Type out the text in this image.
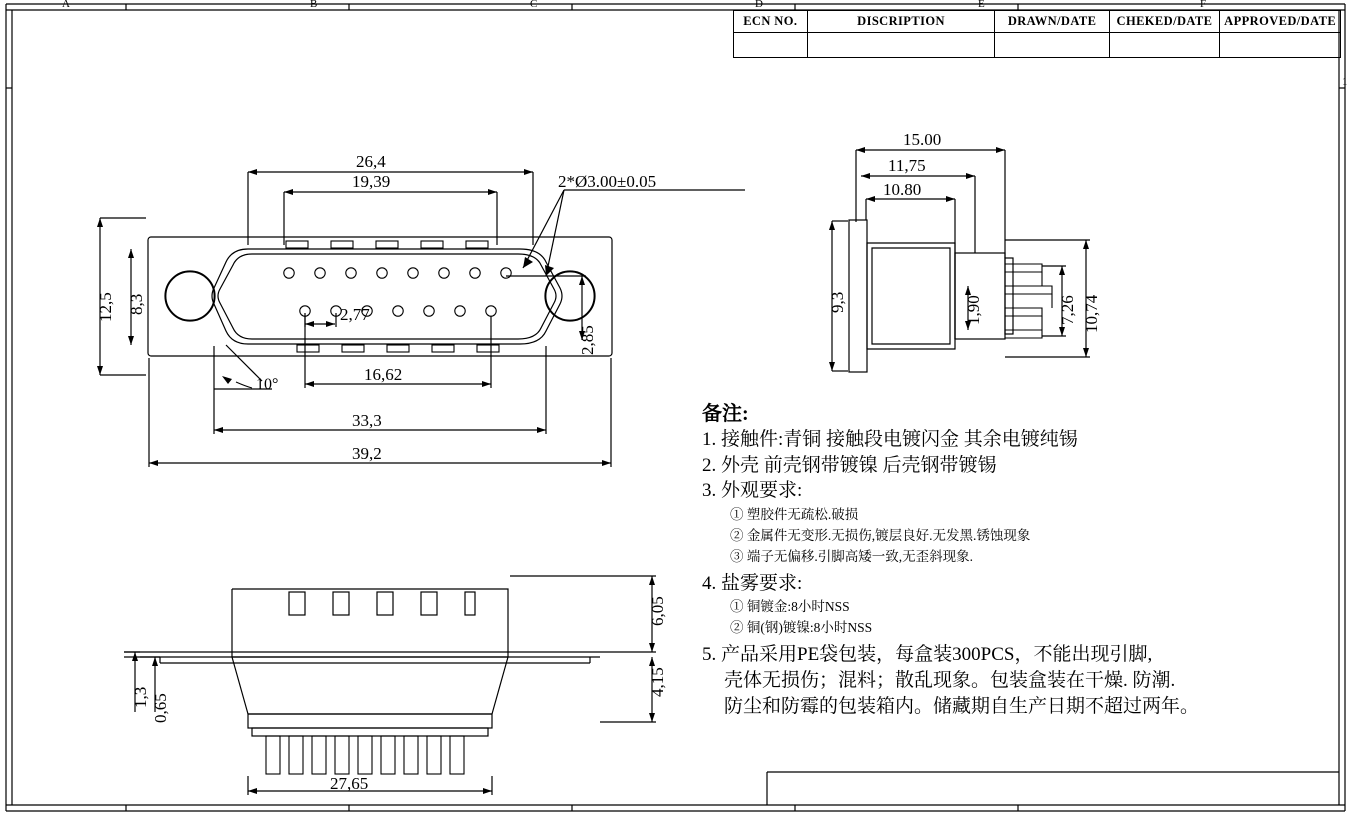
A	B	C	D	E	F
1
ECN NO.	DISCRIPTION	DRAWN/DATE	CHEKED/DATE	APPROVED/DATE

26,4
19,39	2*Ø3.00±0.05
12,5 8,3	2,77
2,85
16,62
33,3
39,2
10°
15.00
11,75
10.80
9,3	1,90	7,26 10,74
6,05
4,15
1,3 0,65
27,65
备注:
1. 接触件:青铜 接触段电镀闪金 其余电镀纯锡
2. 外壳 前壳钢带镀镍 后壳钢带镀锡
3. 外观要求:
① 塑胶件无疏松.破损
② 金属件无变形.无损伤,镀层良好.无发黑.锈蚀现象
③ 端子无偏移.引脚高矮一致,无歪斜现象.
4. 盐雾要求:
① 铜镀金:8小时NSS
② 铜(钢)镀镍:8小时NSS
5. 产品采用PE袋包装，每盒装300PCS，不能出现引脚,
壳体无损伤；混料；散乱现象。包装盒装在干燥. 防潮.
防尘和防霉的包装箱内。储藏期自生产日期不超过两年。
